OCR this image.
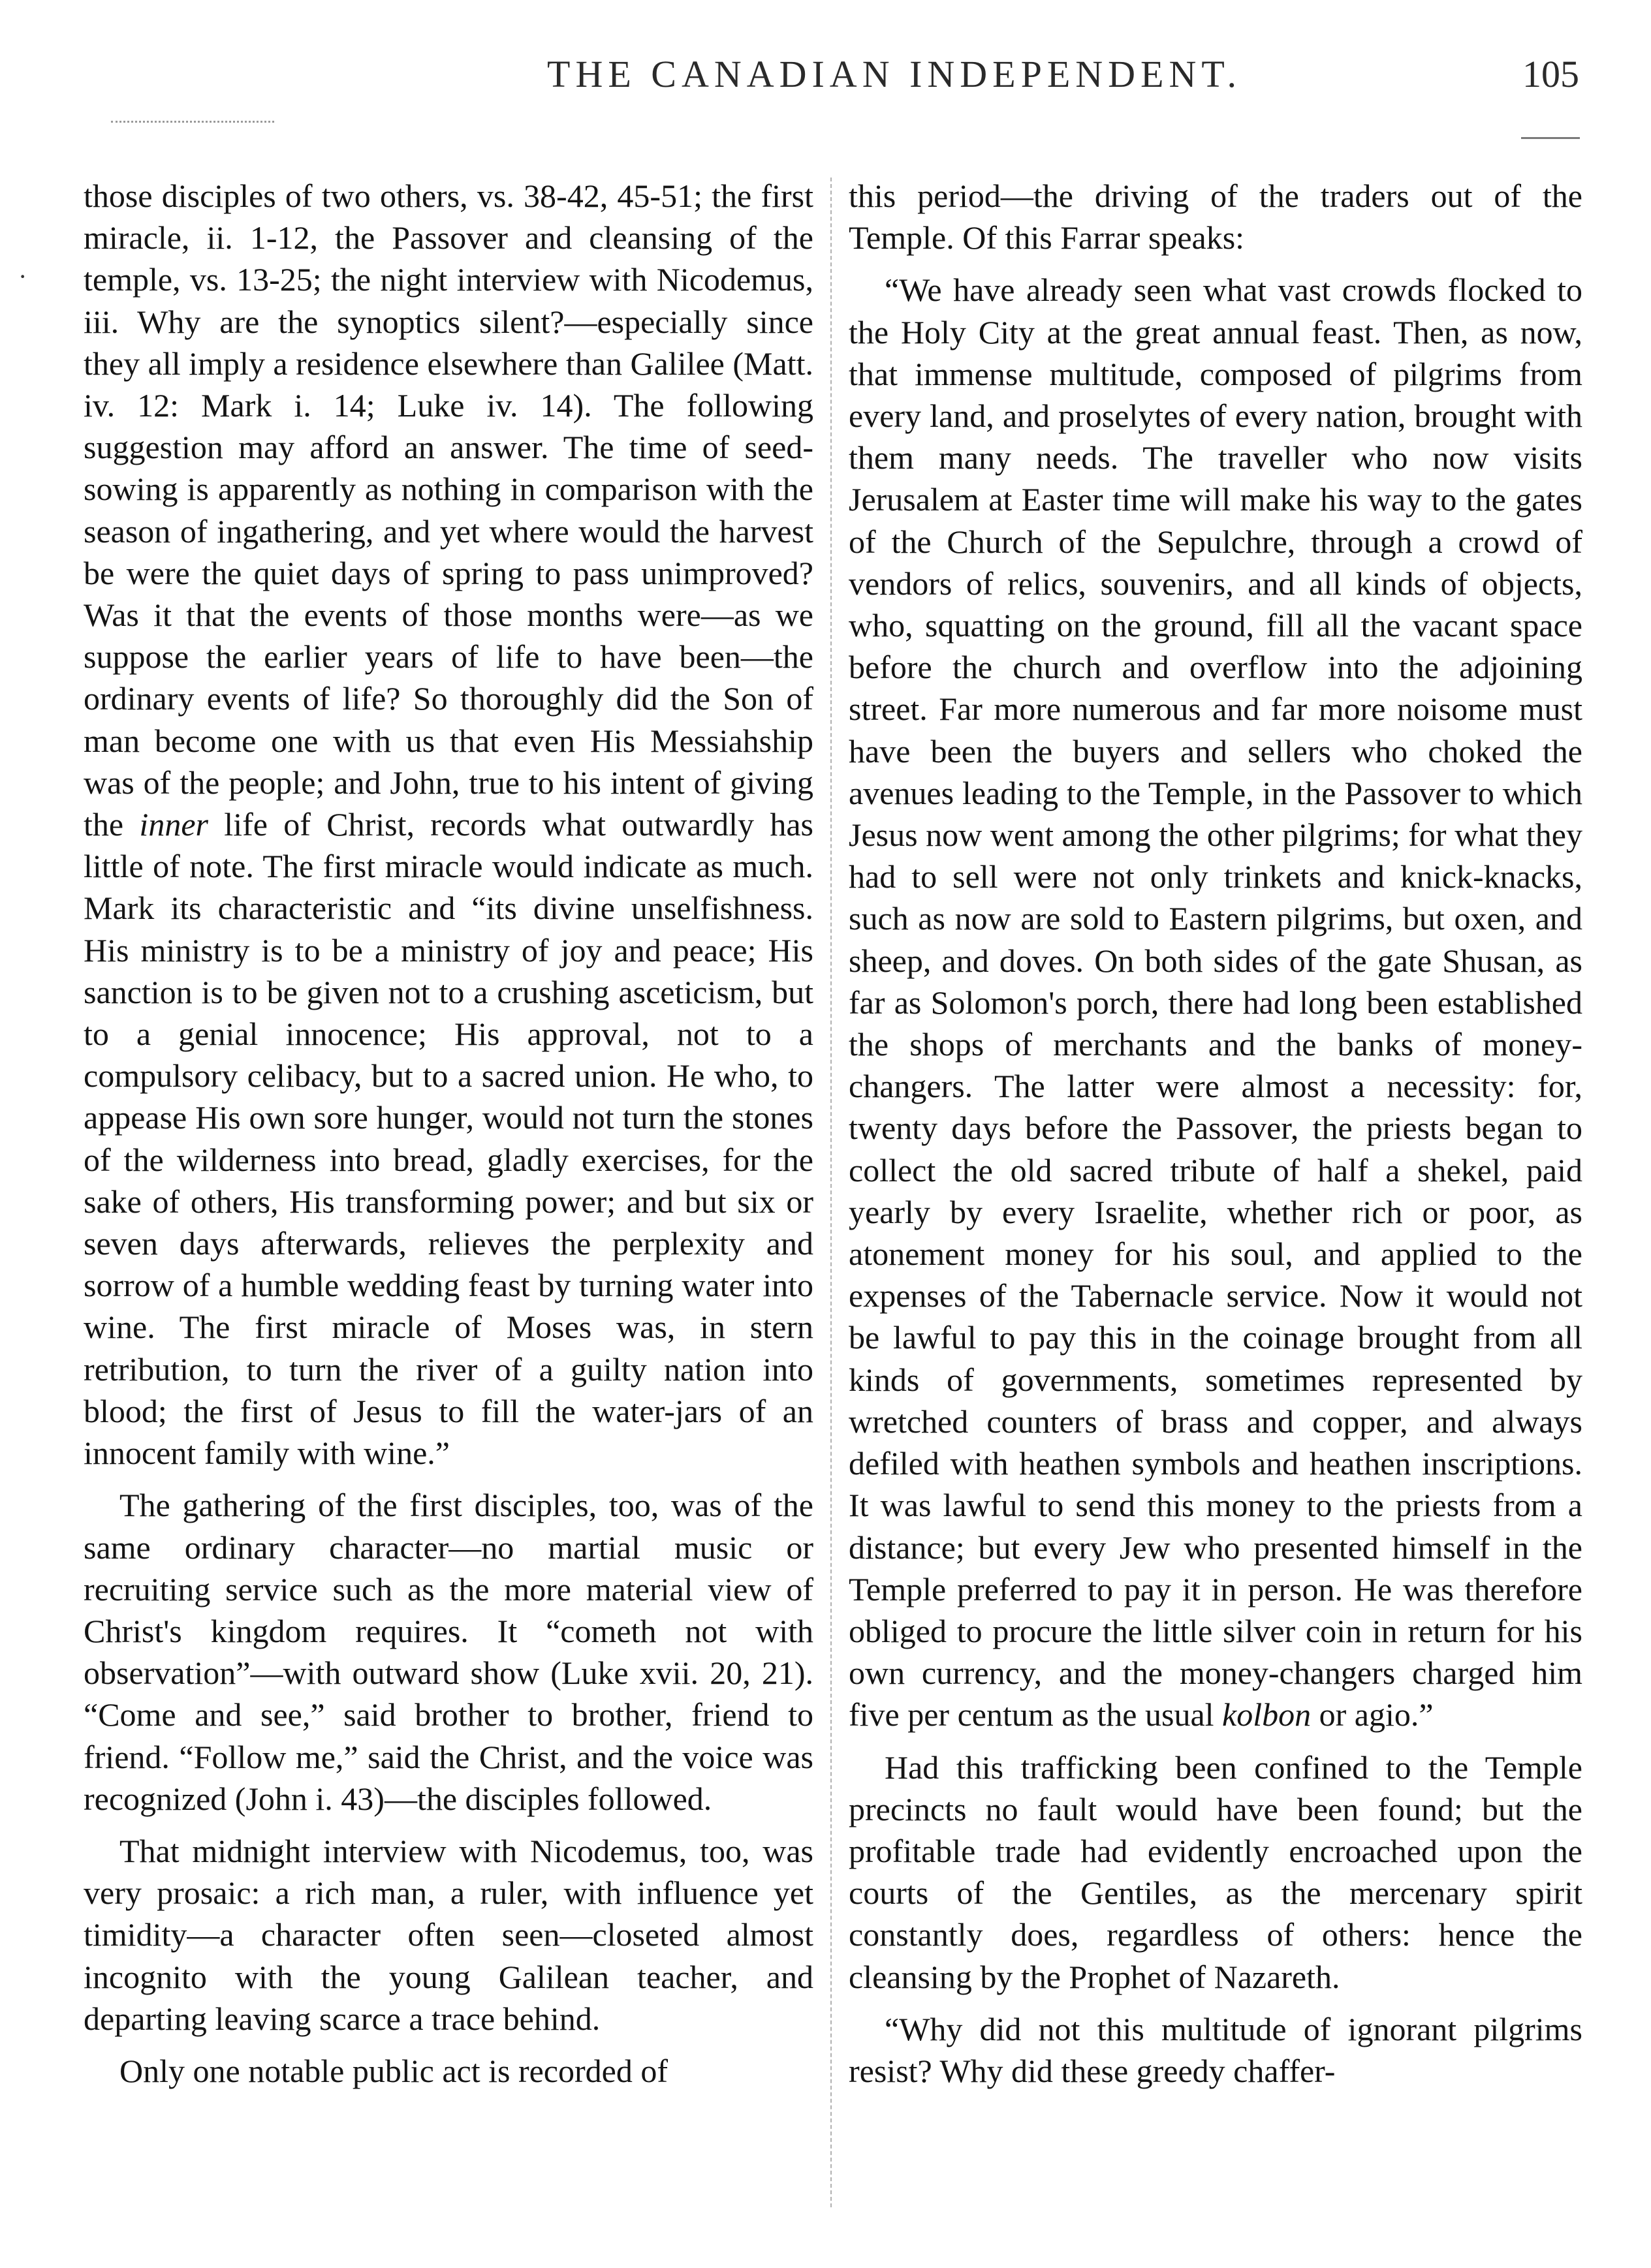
THE CANADIAN INDEPENDENT.	105
·

those disciples of two others, vs. 38-42, 45-51; the first miracle, ii. 1-12, the Passover and cleansing of the temple, vs. 13-25; the night interview with Nicodemus, iii. Why are the synoptics silent?—especially since they all imply a residence elsewhere than Galilee (Matt. iv. 12: Mark i. 14; Luke iv. 14). The following suggestion may afford an answer. The time of seed-sowing is apparently as nothing in comparison with the season of ingathering, and yet where would the harvest be were the quiet days of spring to pass unimproved? Was it that the events of those months were—as we suppose the earlier years of life to have been—the ordinary events of life? So thoroughly did the Son of man become one with us that even His Messiahship was of the people; and John, true to his intent of giving the inner life of Christ, records what outwardly has little of note. The first miracle would indicate as much. Mark its characteristic and “its divine unselfishness. His ministry is to be a ministry of joy and peace; His sanction is to be given not to a crushing asceticism, but to a genial innocence; His approval, not to a compulsory celibacy, but to a sacred union. He who, to appease His own sore hunger, would not turn the stones of the wilderness into bread, gladly exercises, for the sake of others, His transforming power; and but six or seven days afterwards, relieves the perplexity and sorrow of a humble wedding feast by turning water into wine. The first miracle of Moses was, in stern retribution, to turn the river of a guilty nation into blood; the first of Jesus to fill the water-jars of an innocent family with wine.”

The gathering of the first disciples, too, was of the same ordinary character—no martial music or recruiting service such as the more material view of Christ's kingdom requires. It “cometh not with observation”—with outward show (Luke xvii. 20, 21). “Come and see,” said brother to brother, friend to friend. “Follow me,” said the Christ, and the voice was recognized (John i. 43)—the disciples followed.

That midnight interview with Nicodemus, too, was very prosaic: a rich man, a ruler, with influence yet timidity—a character often seen—closeted almost incognito with the young Galilean teacher, and departing leaving scarce a trace behind.

Only one notable public act is recorded of

this period—the driving of the traders out of the Temple. Of this Farrar speaks:

“We have already seen what vast crowds flocked to the Holy City at the great annual feast. Then, as now, that immense multitude, composed of pilgrims from every land, and proselytes of every nation, brought with them many needs. The traveller who now visits Jerusalem at Easter time will make his way to the gates of the Church of the Sepulchre, through a crowd of vendors of relics, souvenirs, and all kinds of objects, who, squatting on the ground, fill all the vacant space before the church and overflow into the adjoining street. Far more numerous and far more noisome must have been the buyers and sellers who choked the avenues leading to the Temple, in the Passover to which Jesus now went among the other pilgrims; for what they had to sell were not only trinkets and knick-knacks, such as now are sold to Eastern pilgrims, but oxen, and sheep, and doves. On both sides of the gate Shusan, as far as Solomon's porch, there had long been established the shops of merchants and the banks of money-changers. The latter were almost a necessity: for, twenty days before the Passover, the priests began to collect the old sacred tribute of half a shekel, paid yearly by every Israelite, whether rich or poor, as atonement money for his soul, and applied to the expenses of the Tabernacle service. Now it would not be lawful to pay this in the coinage brought from all kinds of governments, sometimes represented by wretched counters of brass and copper, and always defiled with heathen symbols and heathen inscriptions. It was lawful to send this money to the priests from a distance; but every Jew who presented himself in the Temple preferred to pay it in person. He was therefore obliged to procure the little silver coin in return for his own currency, and the money-changers charged him five per centum as the usual kolbon or agio.”

Had this trafficking been confined to the Temple precincts no fault would have been found; but the profitable trade had evidently encroached upon the courts of the Gentiles, as the mercenary spirit constantly does, regardless of others: hence the cleansing by the Prophet of Nazareth.

“Why did not this multitude of ignorant pilgrims resist? Why did these greedy chaffer-
